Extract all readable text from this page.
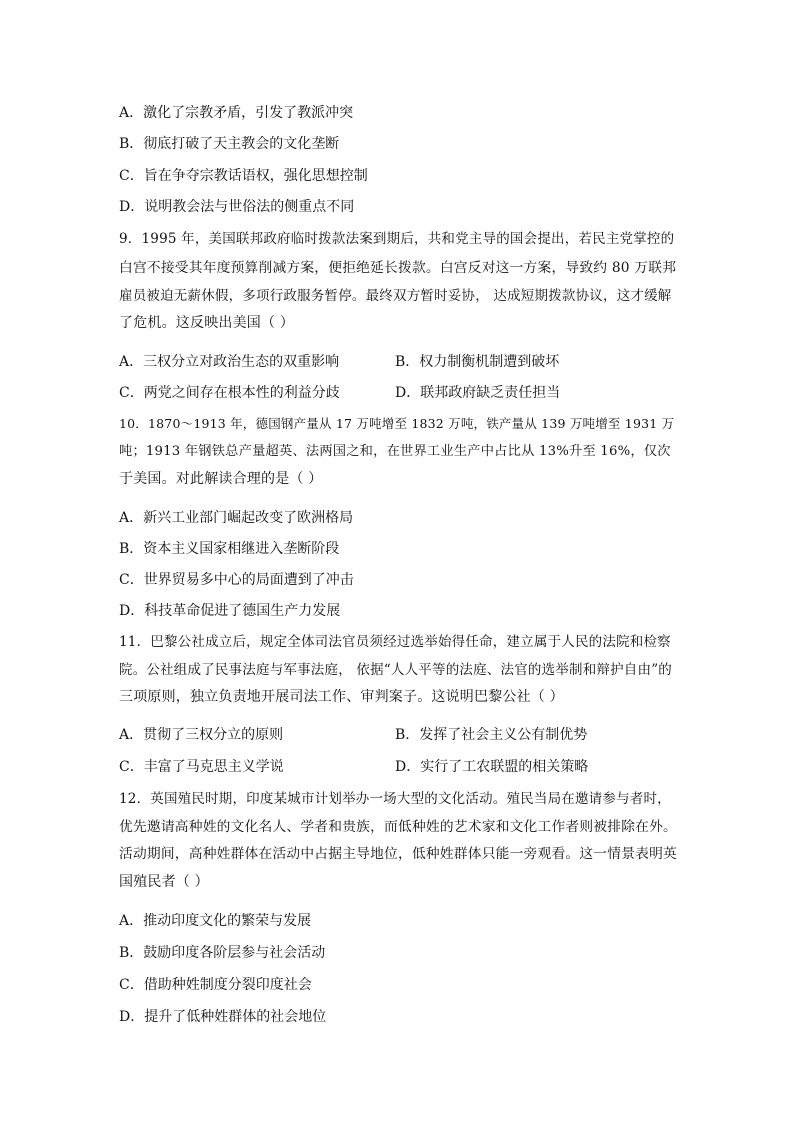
A．激化了宗教矛盾，引发了教派冲突
B．彻底打破了天主教会的文化垄断
C．旨在争夺宗教话语权，强化思想控制
D．说明教会法与世俗法的侧重点不同
9．1995 年，美国联邦政府临时拨款法案到期后，共和党主导的国会提出，若民主党掌控的
白宫不接受其年度预算削减方案，便拒绝延长拨款。白宫反对这一方案，导致约 80 万联邦
雇员被迫无薪休假，多项行政服务暂停。最终双方暂时妥协， 达成短期拨款协议，这才缓解
了危机。这反映出美国（ ）
A．三权分立对政治生态的双重影响	B．权力制衡机制遭到破坏
C．两党之间存在根本性的利益分歧	D．联邦政府缺乏责任担当
10．1870～1913 年，德国钢产量从 17 万吨增至 1832 万吨，铁产量从 139 万吨增至 1931 万
吨；1913 年钢铁总产量超英、法两国之和，在世界工业生产中占比从 13%升至 16%，仅次
于美国。对此解读合理的是（ ）
A．新兴工业部门崛起改变了欧洲格局
B．资本主义国家相继进入垄断阶段
C．世界贸易多中心的局面遭到了冲击
D．科技革命促进了德国生产力发展
11．巴黎公社成立后，规定全体司法官员须经过选举始得任命，建立属于人民的法院和检察
院。公社组成了民事法庭与军事法庭， 依据“人人平等的法庭、法官的选举制和辩护自由”的
三项原则，独立负责地开展司法工作、审判案子。这说明巴黎公社（ ）
A．贯彻了三权分立的原则	B．发挥了社会主义公有制优势
C．丰富了马克思主义学说	D．实行了工农联盟的相关策略
12．英国殖民时期，印度某城市计划举办一场大型的文化活动。殖民当局在邀请参与者时，
优先邀请高种姓的文化名人、学者和贵族，而低种姓的艺术家和文化工作者则被排除在外。
活动期间，高种姓群体在活动中占据主导地位，低种姓群体只能一旁观看。这一情景表明英
国殖民者（ ）
A．推动印度文化的繁荣与发展
B．鼓励印度各阶层参与社会活动
C．借助种姓制度分裂印度社会
D．提升了低种姓群体的社会地位
